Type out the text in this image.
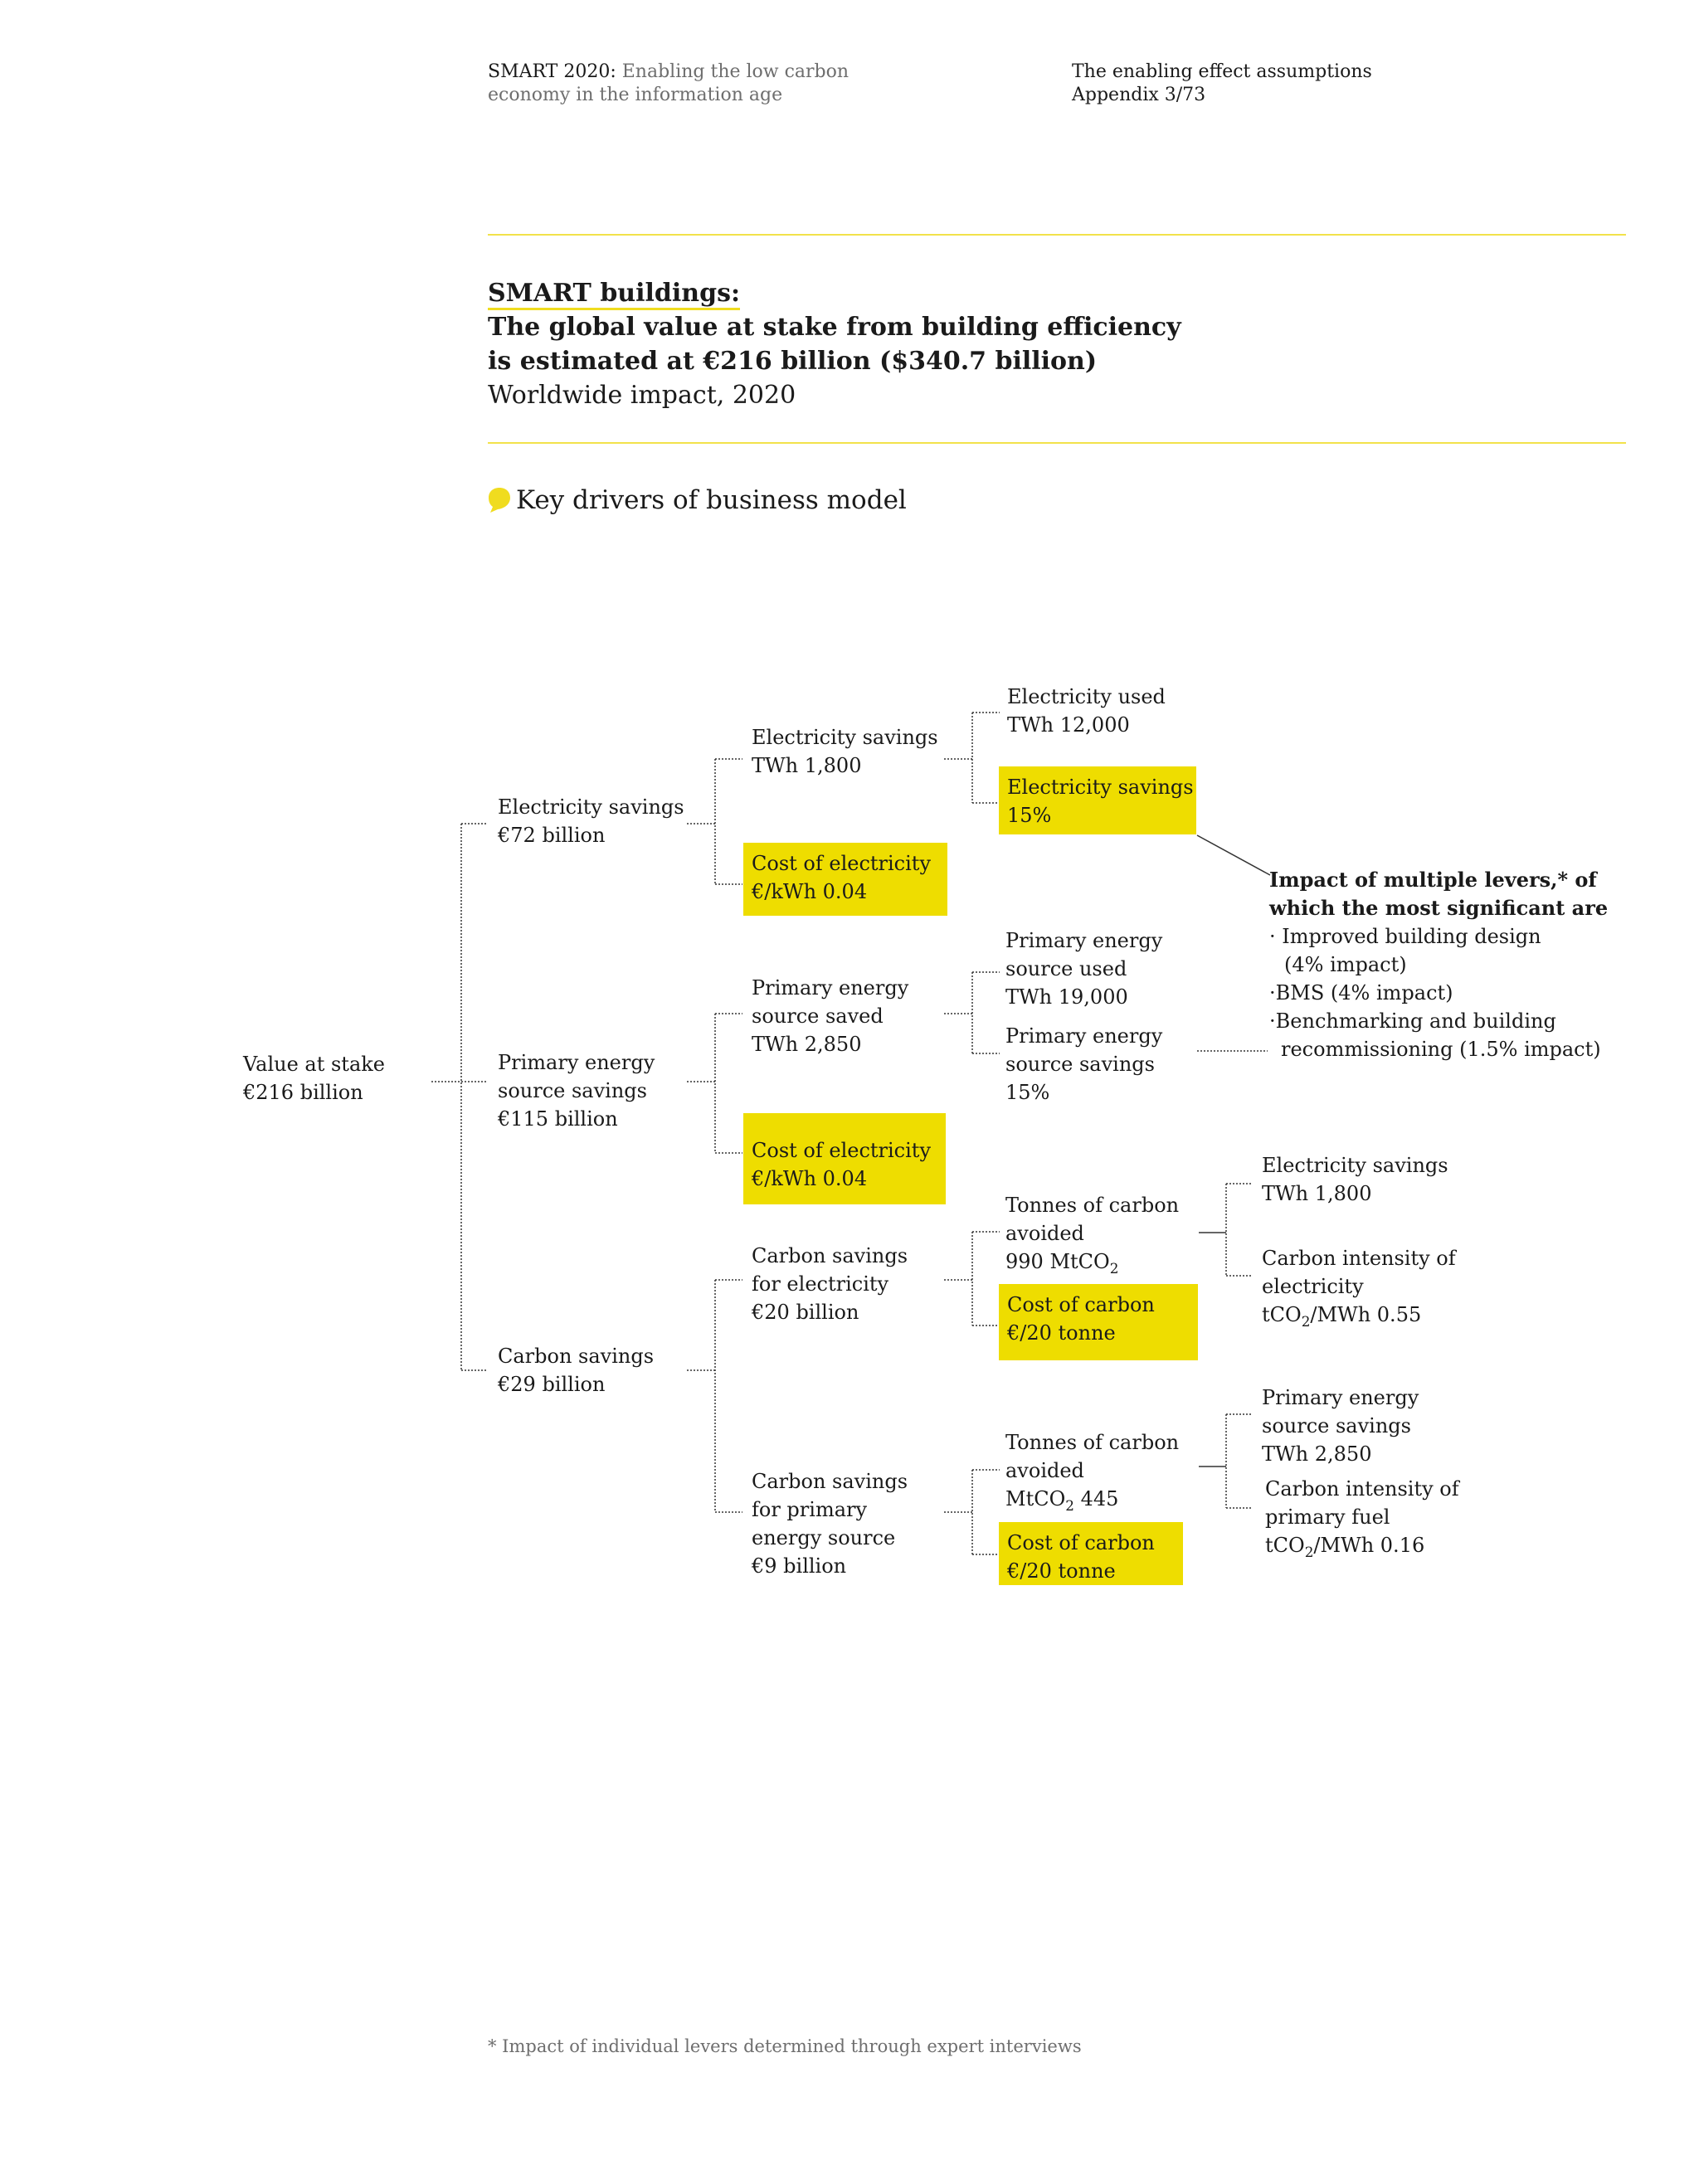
SMART 2020: Enabling the low carbon
economy in the information age
The enabling effect assumptions
Appendix 3/73
SMART buildings:
The global value at stake from building efficiency
is estimated at €216 billion ($340.7 billion)
Worldwide impact, 2020
Key drivers of business model
Value at stake
€216 billion
Electricity savings
€72 billion
Primary energy
source savings
€115 billion
Carbon savings
€29 billion
Electricity savings
TWh 1,800
Cost of electricity
€/kWh 0.04
Electricity used
TWh 12,000
Electricity savings
15%
Impact of multiple levers,* of
which the most significant are
· Improved building design
(4% impact)
·BMS (4% impact)
·Benchmarking and building
recommissioning (1.5% impact)
Primary energy
source saved
TWh 2,850
Cost of electricity
€/kWh 0.04
Primary energy
source used
TWh 19,000
Primary energy
source savings
15%
Carbon savings
for electricity
€20 billion
Tonnes of carbon
avoided
990 MtCO$_2$
Cost of carbon
€/20 tonne
Electricity savings
TWh 1,800
Carbon intensity of
electricity
tCO$_2$/MWh 0.55
Carbon savings
for primary
energy source
€9 billion
Tonnes of carbon
avoided
MtCO$_2$ 445
Cost of carbon
€/20 tonne
Primary energy
source savings
TWh 2,850
Carbon intensity of
primary fuel
tCO$_2$/MWh 0.16
* Impact of individual levers determined through expert interviews
